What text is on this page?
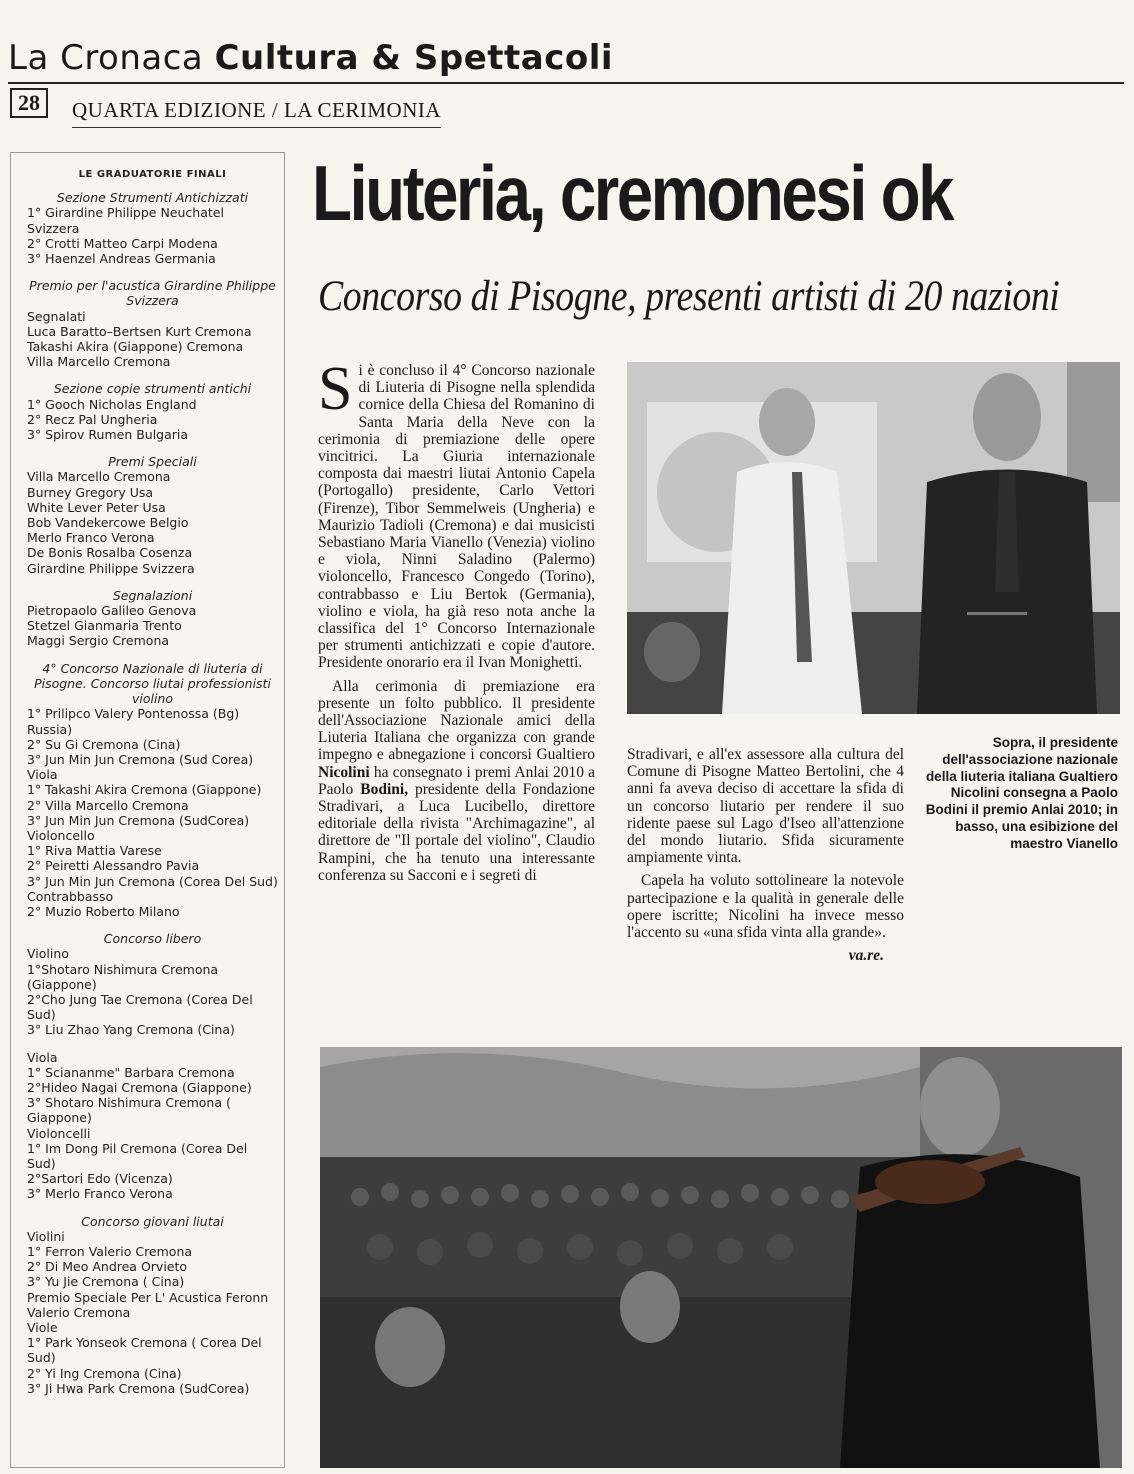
La Cronaca Cultura & Spettacoli
28	QUARTA EDIZIONE / LA CERIMONIA
LE GRADUATORIE FINALI
Sezione Strumenti Antichizzati
1° Girardine Philippe Neuchatel Svizzera
2° Crotti Matteo Carpi Modena
3° Haenzel Andreas Germania
Premio per l'acustica Girardine Philippe Svizzera
Segnalati
Luca Baratto–Bertsen Kurt Cremona
Takashi Akira (Giappone) Cremona
Villa Marcello Cremona
Sezione copie strumenti antichi
1° Gooch Nicholas England
2° Recz Pal Ungheria
3° Spirov Rumen Bulgaria
Premi Speciali
Villa Marcello Cremona
Burney Gregory Usa
White Lever Peter Usa
Bob Vandekercowe Belgio
Merlo Franco Verona
De Bonis Rosalba Cosenza
Girardine Philippe Svizzera
Segnalazioni
Pietropaolo Galileo Genova
Stetzel Gianmaria Trento
Maggi Sergio Cremona
4° Concorso Nazionale di liuteria di Pisogne. Concorso liutai professionisti violino
1° Prilipco Valery Pontenossa (Bg) Russia)
2° Su Gi Cremona (Cina)
3° Jun Min Jun Cremona (Sud Corea)
Viola
1° Takashi Akira Cremona (Giappone)
2° Villa Marcello Cremona
3° Jun Min Jun Cremona (SudCorea)
Violoncello
1° Riva Mattia Varese
2° Peiretti Alessandro Pavia
3° Jun Min Jun Cremona (Corea Del Sud)
Contrabbasso
2° Muzio Roberto Milano
Concorso libero
Violino
1°Shotaro Nishimura Cremona (Giappone)
2°Cho Jung Tae Cremona (Corea Del Sud)
3° Liu Zhao Yang Cremona (Cina)
Viola
1° Sciananme" Barbara Cremona
2°Hideo Nagai Cremona (Giappone)
3° Shotaro Nishimura Cremona ( Giappone)
Violoncelli
1° Im Dong Pil Cremona (Corea Del Sud)
2°Sartori Edo (Vicenza)
3° Merlo Franco Verona
Concorso giovani liutai
Violini
1° Ferron Valerio Cremona
2° Di Meo Andrea Orvieto
3° Yu Jie Cremona ( Cina)
Premio Speciale Per L' Acustica Feronn Valerio Cremona
Viole
1° Park Yonseok Cremona ( Corea Del Sud)
2° Yi Ing Cremona (Cina)
3° Ji Hwa Park Cremona (SudCorea)
Liuteria, cremonesi ok
Concorso di Pisogne, presenti artisti di 20 nazioni

Si è concluso il 4° Concorso nazionale di Liuteria di Pisogne nella splendida cornice della Chiesa del Romanino di Santa Maria della Neve con la cerimonia di premiazione delle opere vincitrici. La Giuria internazionale composta dai maestri liutai Antonio Capela (Portogallo) presidente, Carlo Vettori (Firenze), Tibor Semmelweis (Ungheria) e Maurizio Tadioli (Cremona) e dai musicisti Sebastiano Maria Vianello (Venezia) violino e viola, Ninni Saladino (Palermo) violoncello, Francesco Congedo (Torino), contrabbasso e Liu Bertok (Germania), violino e viola, ha già reso nota anche la classifica del 1° Concorso Internazionale per strumenti antichizzati e copie d'autore. Presidente onorario era il Ivan Monighetti.

Alla cerimonia di premiazione era presente un folto pubblico. Il presidente dell'Associazione Nazionale amici della Liuteria Italiana che organizza con grande impegno e abnegazione i concorsi Gualtiero Nicolini ha consegnato i premi Anlai 2010 a Paolo Bodini, presidente della Fondazione Stradivari, a Luca Lucibello, direttore editoriale della rivista "Archimagazine", al direttore de "Il portale del violino", Claudio Rampini, che ha tenuto una interessante conferenza su Sacconi e i segreti di

Stradivari, e all'ex assessore alla cultura del Comune di Pisogne Matteo Bertolini, che 4 anni fa aveva deciso di accettare la sfida di un concorso liutario per rendere il suo ridente paese sul Lago d'Iseo all'attenzione del mondo liutario. Sfida sicuramente ampiamente vinta.

Capela ha voluto sottolineare la notevole partecipazione e la qualità in generale delle opere iscritte; Nicolini ha invece messo l'accento su «una sfida vinta alla grande».

va.re.
Sopra, il presidente dell'associazione nazionale della liuteria italiana Gualtiero Nicolini consegna a Paolo Bodini il premio Anlai 2010; in basso, una esibizione del maestro Vianello
